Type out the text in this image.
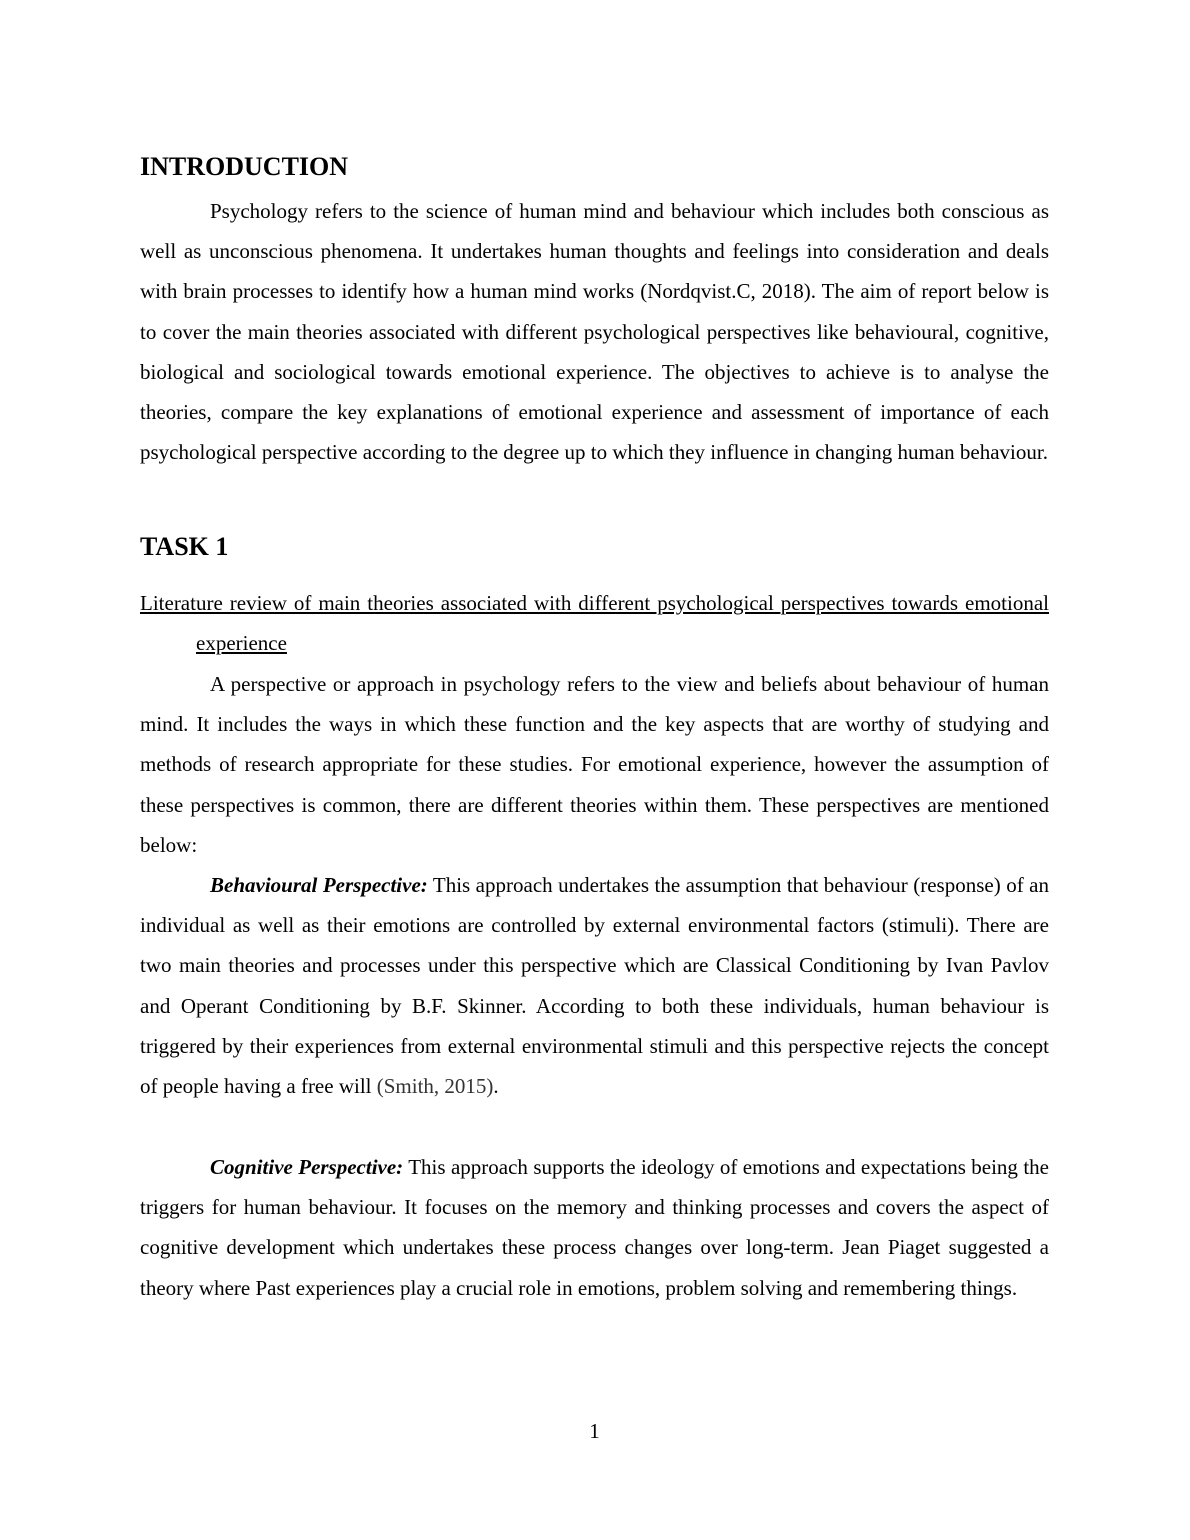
INTRODUCTION

Psychology refers to the science of human mind and behaviour which includes both conscious as well as unconscious phenomena. It undertakes human thoughts and feelings into consideration and deals with brain processes to identify how a human mind works (Nordqvist.C, 2018). The aim of report below is to cover the main theories associated with different psychological perspectives like behavioural, cognitive, biological and sociological towards emotional experience. The objectives to achieve is to analyse the theories, compare the key explanations of emotional experience and assessment of importance of each psychological perspective according to the degree up to which they influence in changing human behaviour.

TASK 1

Literature review of main theories associated with different psychological perspectives towards emotional experience

A perspective or approach in psychology refers to the view and beliefs about behaviour of human mind. It includes the ways in which these function and the key aspects that are worthy of studying and methods of research appropriate for these studies. For emotional experience, however the assumption of these perspectives is common, there are different theories within them. These perspectives are mentioned below:

Behavioural Perspective: This approach undertakes the assumption that behaviour (response) of an individual as well as their emotions are controlled by external environmental factors (stimuli). There are two main theories and processes under this perspective which are Classical Conditioning by Ivan Pavlov and Operant Conditioning by B.F. Skinner. According to both these individuals, human behaviour is triggered by their experiences from external environmental stimuli and this perspective rejects the concept of people having a free will (Smith, 2015).

Cognitive Perspective: This approach supports the ideology of emotions and expectations being the triggers for human behaviour. It focuses on the memory and thinking processes and covers the aspect of cognitive development which undertakes these process changes over long-term. Jean Piaget suggested a theory where Past experiences play a crucial role in emotions, problem solving and remembering things.

1
